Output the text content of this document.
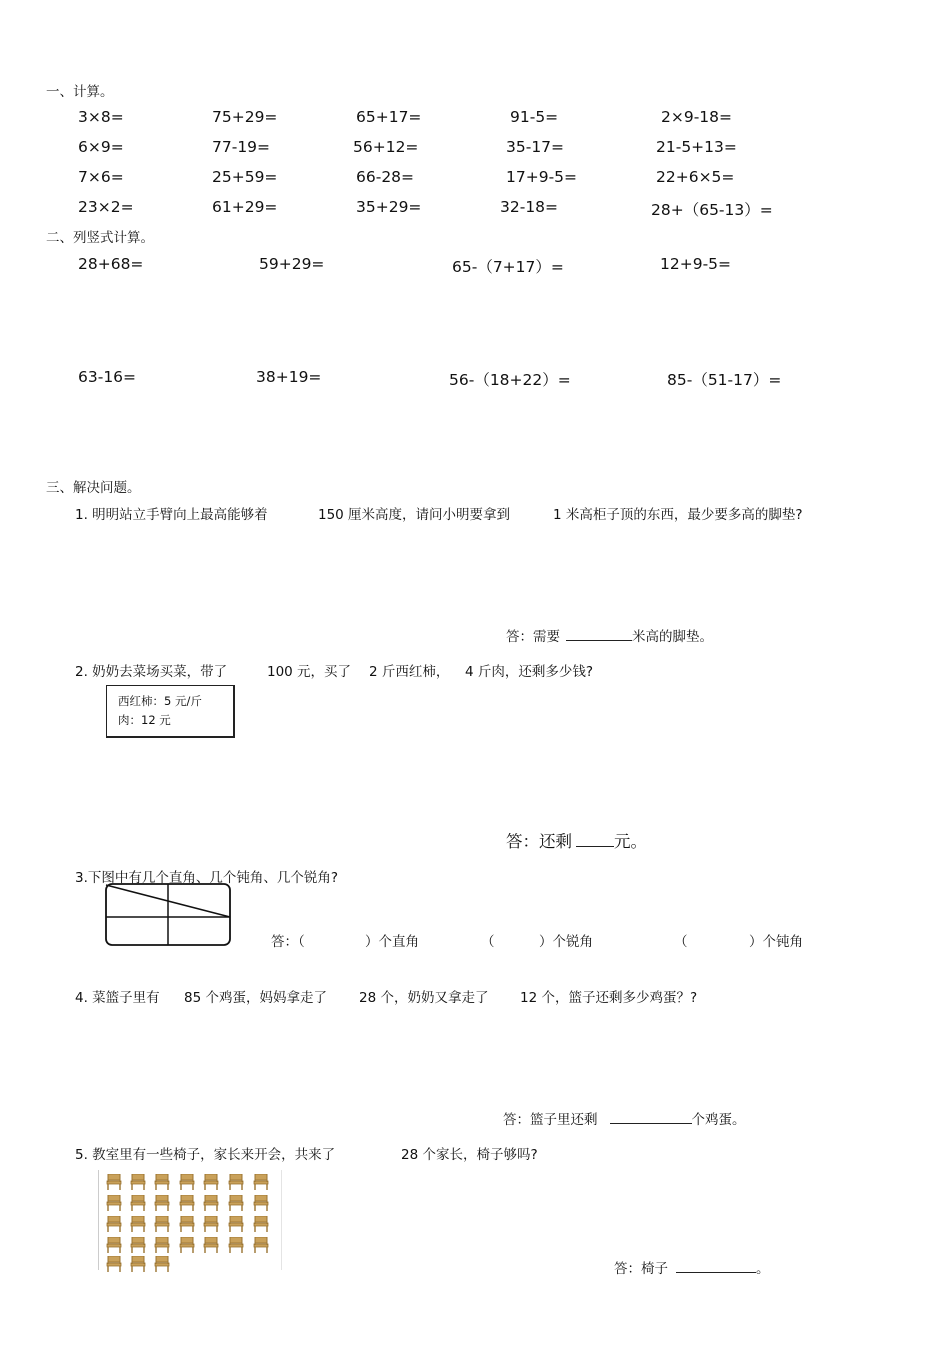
一、计算。
3×8=	75+29=	65+17=	91-5=	2×9-18=
6×9=	77-19=	56+12=	35-17=	21-5+13=
7×6=	25+59=	66-28=	17+9-5=	22+6×5=
23×2=	61+29=	35+29=	32-18=	28+（65-13）=
二、列竖式计算。
28+68=	59+29=	65-（7+17）=	12+9-5=
63-16=	38+19=	56-（18+22）=	85-（51-17）=
三、解决问题。
1. 明明站立手臂向上最高能够着	150 厘米高度，请问小明要拿到	1 米高柜子顶的东西，最少要多高的脚垫?
答：需要	米高的脚垫。
2. 奶奶去菜场买菜，带了	100 元，买了 2 斤西红柿， 4 斤肉，还剩多少钱?
西红柿：5 元/斤
肉：12 元
答：还剩	元。
3.下图中有几个直角、几个钝角、几个锐角?
答：（	）个直角	（	）个锐角	（	）个钝角
4. 菜篮子里有 85 个鸡蛋，妈妈拿走了 28 个，奶奶又拿走了 12 个，篮子还剩多少鸡蛋？?
答：篮子里还剩	个鸡蛋。
5. 教室里有一些椅子，家长来开会，共来了	28 个家长，椅子够吗?
答：椅子	。
